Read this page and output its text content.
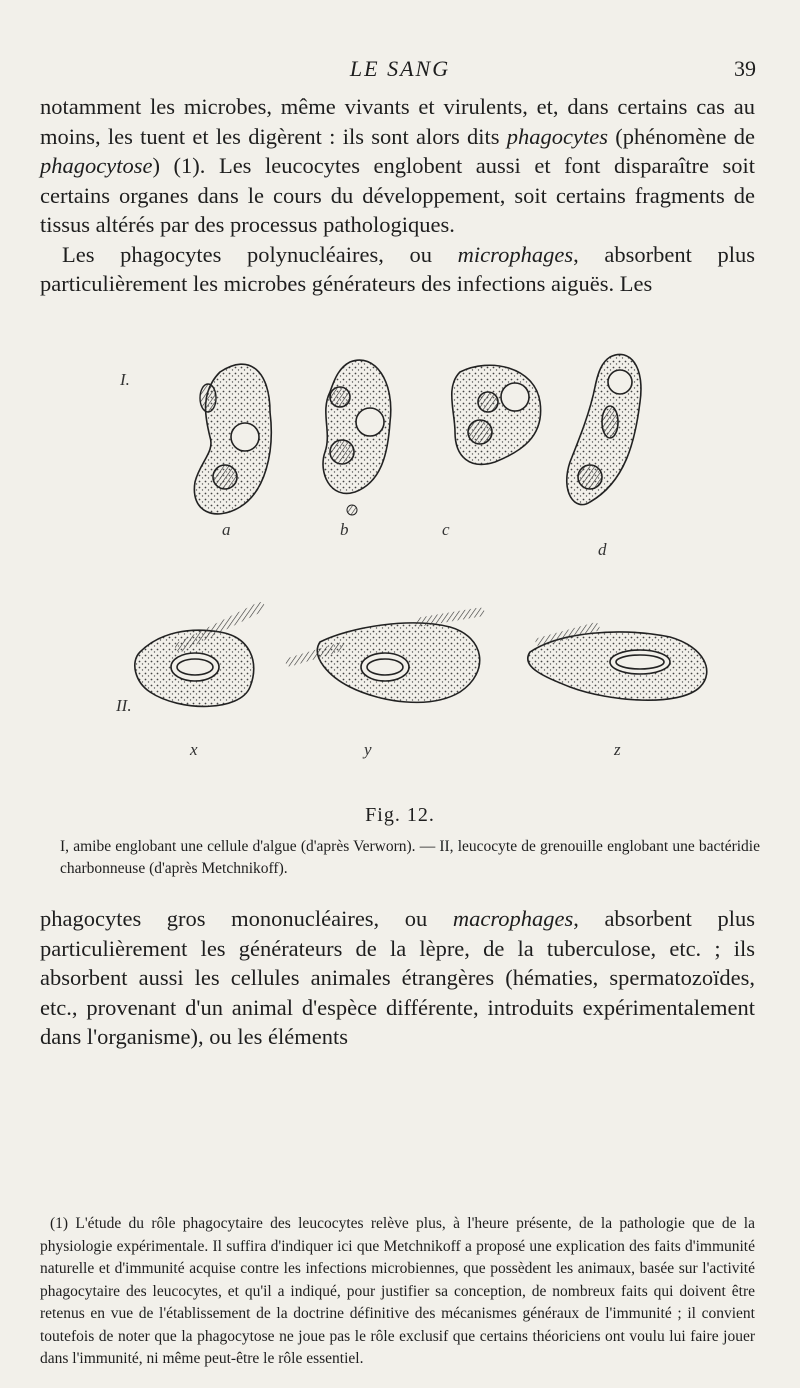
LE SANG	39
notamment les microbes, même vivants et virulents, et, dans certains cas au moins, les tuent et les digèrent : ils sont alors dits phagocytes (phénomène de phagocytose) (1). Les leucocytes englobent aussi et font disparaître soit certains organes dans le cours du développement, soit certains fragments de tissus altérés par des processus pathologiques.
Les phagocytes polynucléaires, ou microphages, absorbent plus particulièrement les microbes générateurs des infections aiguës. Les
I.
II.
a	b	c
d
x	y	z
Fig. 12.
I, amibe englobant une cellule d'algue (d'après Verworn). — II, leucocyte de grenouille englobant une bactéridie charbonneuse (d'après Metchnikoff).
phagocytes gros mononucléaires, ou macrophages, absorbent plus particulièrement les générateurs de la lèpre, de la tuberculose, etc. ; ils absorbent aussi les cellules animales étrangères (hématies, spermatozoïdes, etc., provenant d'un animal d'espèce différente, introduits expérimentalement dans l'organisme), ou les éléments
(1) L'étude du rôle phagocytaire des leucocytes relève plus, à l'heure présente, de la pathologie que de la physiologie expérimentale. Il suffira d'indiquer ici que Metchnikoff a proposé une explication des faits d'immunité naturelle et d'immunité acquise contre les infections microbiennes, que possèdent les animaux, basée sur l'activité phagocytaire des leucocytes, et qu'il a indiqué, pour justifier sa conception, de nombreux faits qui doivent être retenus en vue de l'établissement de la doctrine définitive des mécanismes généraux de l'immunité ; il convient toutefois de noter que la phagocytose ne joue pas le rôle exclusif que certains théoriciens ont voulu lui faire jouer dans l'immunité, ni même peut-être le rôle essentiel.
